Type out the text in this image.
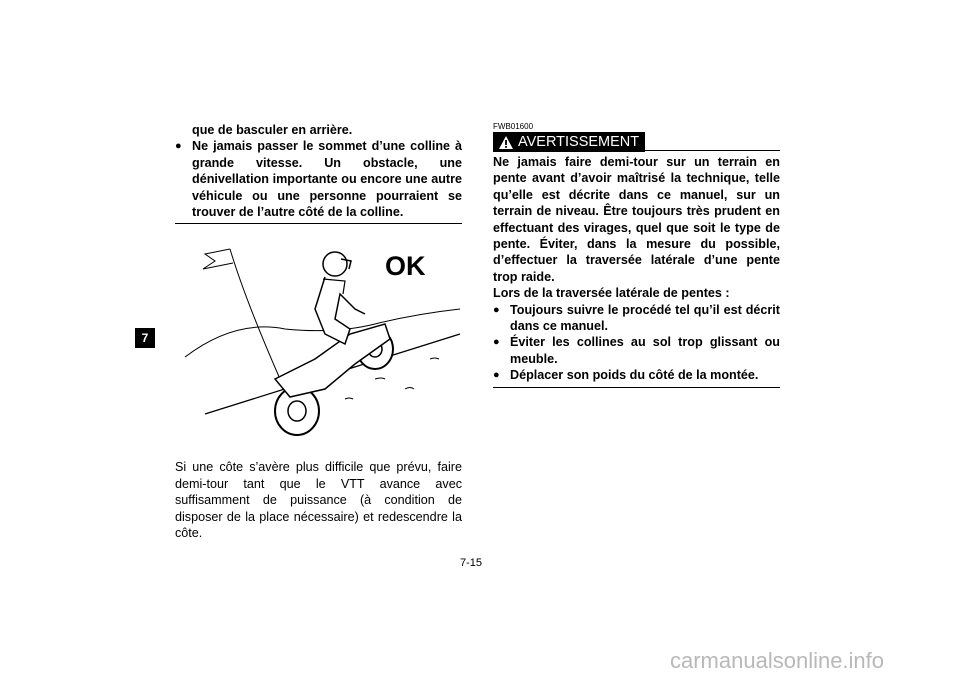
7

que de basculer en arrière.

● Ne jamais passer le sommet d’une colline à grande vitesse. Un obstacle, une dénivellation importante ou encore une autre véhicule ou une personne pourraient se trouver de l’autre côté de la colline.

OK
Si une côte s’avère plus difficile que prévu, faire demi-tour tant que le VTT avance avec suffisamment de puissance (à condition de disposer de la place nécessaire) et redescendre la côte.
FWB01600
AVERTISSEMENT

Ne jamais faire demi-tour sur un terrain en pente avant d’avoir maîtrisé la technique, telle qu’elle est décrite dans ce manuel, sur un terrain de niveau. Être toujours très prudent en effectuant des virages, quel que soit le type de pente. Éviter, dans la mesure du possible, d’effectuer la traversée latérale d’une pente trop raide.

Lors de la traversée latérale de pentes :

● Toujours suivre le procédé tel qu’il est décrit dans ce manuel.

● Éviter les collines au sol trop glissant ou meuble.

● Déplacer son poids du côté de la montée.

7-15
carmanualsonline.info
